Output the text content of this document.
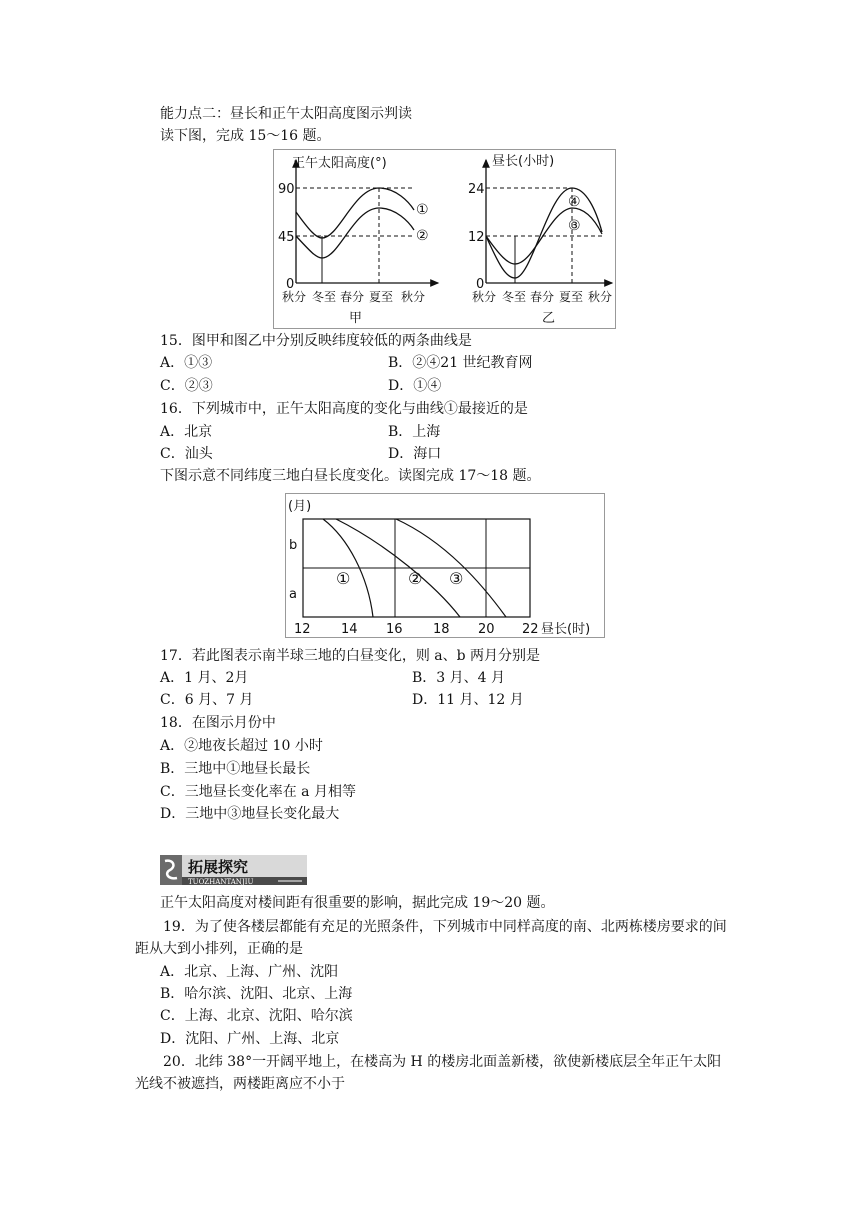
能力点二：昼长和正午太阳高度图示判读
读下图，完成 15～16 题。
正午太阳高度(°)
90
45
0
①
②
秋分 冬至 春分 夏至 秋分
甲
昼长(小时)
24
12
0
④
③
秋分 冬至 春分 夏至 秋分
乙
15．图甲和图乙中分别反映纬度较低的两条曲线是
A．①③	B．②④21 世纪教育网
C．②③	D．①④
16．下列城市中，正午太阳高度的变化与曲线①最接近的是
A．北京	B．上海
C．汕头	D．海口
下图示意不同纬度三地白昼长度变化。读图完成 17～18 题。
(月)
b
a
①	② ③
12 14 16 18 20 22 昼长(时)
17．若此图表示南半球三地的白昼变化，则 a、b 两月分别是
A．1 月、2月	B．3 月、4 月
C．6 月、7 月	D．11 月、12 月
18．在图示月份中
A．②地夜长超过 10 小时
B．三地中①地昼长最长
C．三地昼长变化率在 a 月相等
D．三地中③地昼长变化最大
拓展探究
TUOZHANTANJIU
正午太阳高度对楼间距有很重要的影响，据此完成 19～20 题。
19．为了使各楼层都能有充足的光照条件，下列城市中同样高度的南、北两栋楼房要求的间距从大到小排列，正确的是
A．北京、上海、广州、沈阳
B．哈尔滨、沈阳、北京、上海
C．上海、北京、沈阳、哈尔滨
D．沈阳、广州、上海、北京
20．北纬 38°一开阔平地上，在楼高为 H 的楼房北面盖新楼，欲使新楼底层全年正午太阳光线不被遮挡，两楼距离应不小于
